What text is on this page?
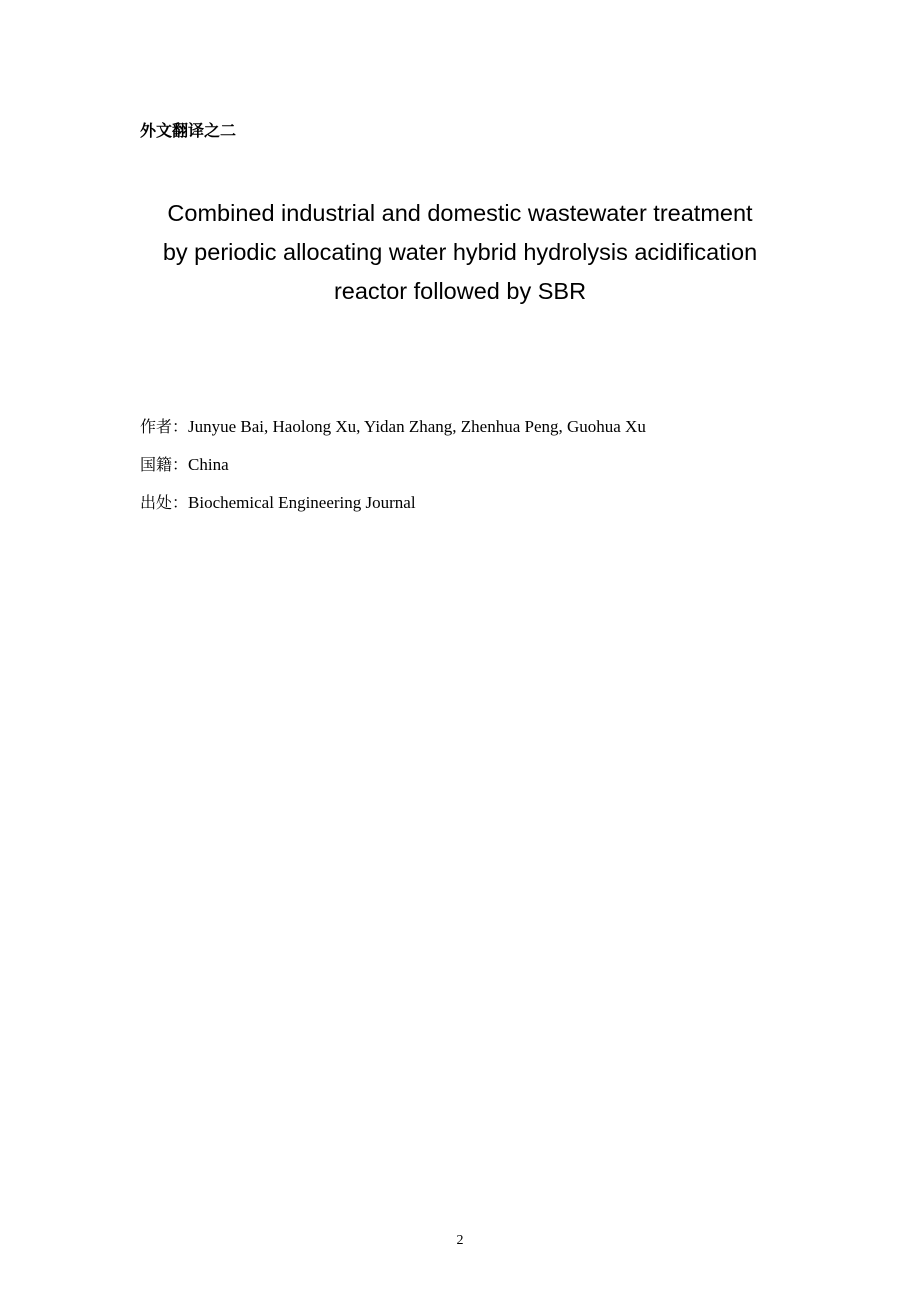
外文翻译之二
Combined industrial and domestic wastewater treatment
by periodic allocating water hybrid hydrolysis acidification
reactor followed by SBR
作者：Junyue Bai, Haolong Xu, Yidan Zhang, Zhenhua Peng, Guohua Xu
国籍：China
出处：Biochemical Engineering Journal
2
